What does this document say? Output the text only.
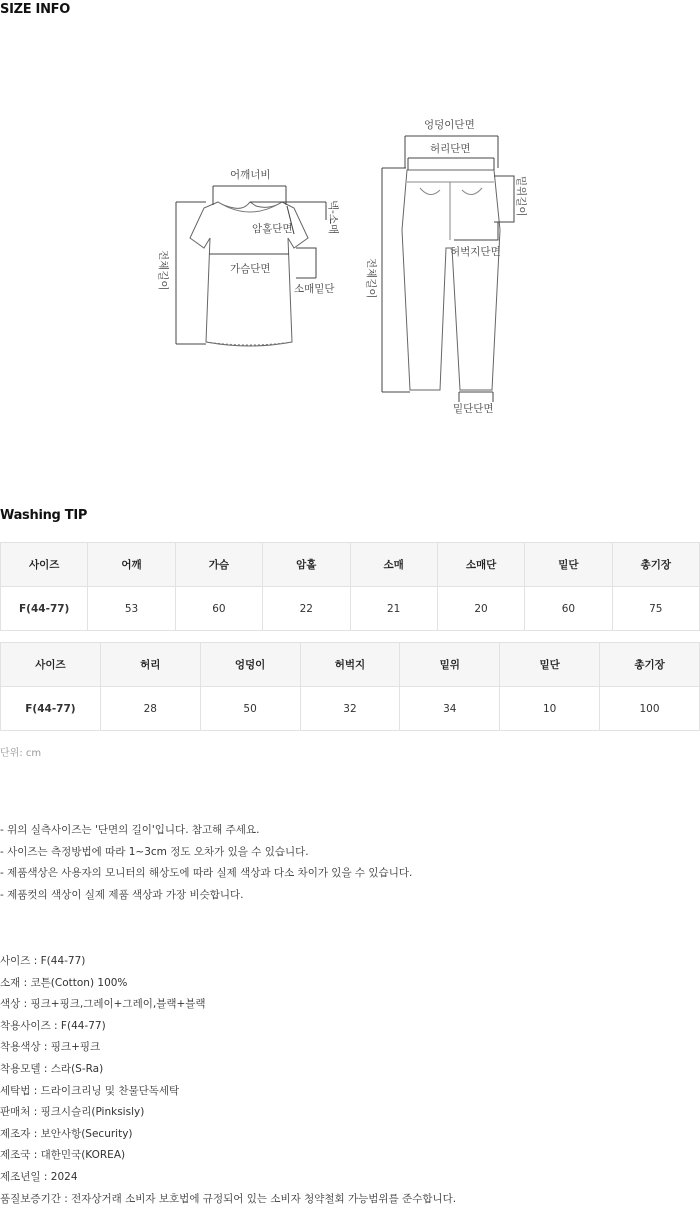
SIZE INFO
어깨너비
암홀단면	넥-소매
가슴단면
소매밑단
전체길이
엉덩이단면
허리단면
밑위길이
허벅지단면
전체길이
밑단단면
Washing TIP
사이즈	어깨	가슴	암홀	소매	소매단	밑단	총기장
F(44-77)	53	60	22	21	20	60	75
사이즈	허리	엉덩이	허벅지	밑위	밑단	총기장
F(44-77)	28	50	32	34	10	100
단위: cm
- 위의 실측사이즈는 '단면의 길이'입니다. 참고해 주세요.
- 사이즈는 측정방법에 따라 1~3cm 정도 오차가 있을 수 있습니다.
- 제품색상은 사용자의 모니터의 해상도에 따라 실제 색상과 다소 차이가 있을 수 있습니다.
- 제품컷의 색상이 실제 제품 색상과 가장 비슷합니다.
사이즈 : F(44-77)
소재 : 코튼(Cotton) 100%
색상 : 핑크+핑크,그레이+그레이,블랙+블랙
착용사이즈 : F(44-77)
착용색상 : 핑크+핑크
착용모델 : 스라(S-Ra)
세탁법 : 드라이크리닝 및 찬물단독세탁
판매처 : 핑크시슬리(Pinksisly)
제조자 : 보안사항(Security)
제조국 : 대한민국(KOREA)
제조년일 : 2024
품질보증기간 : 전자상거래 소비자 보호법에 규정되어 있는 소비자 청약철회 가능범위를 준수합니다.
